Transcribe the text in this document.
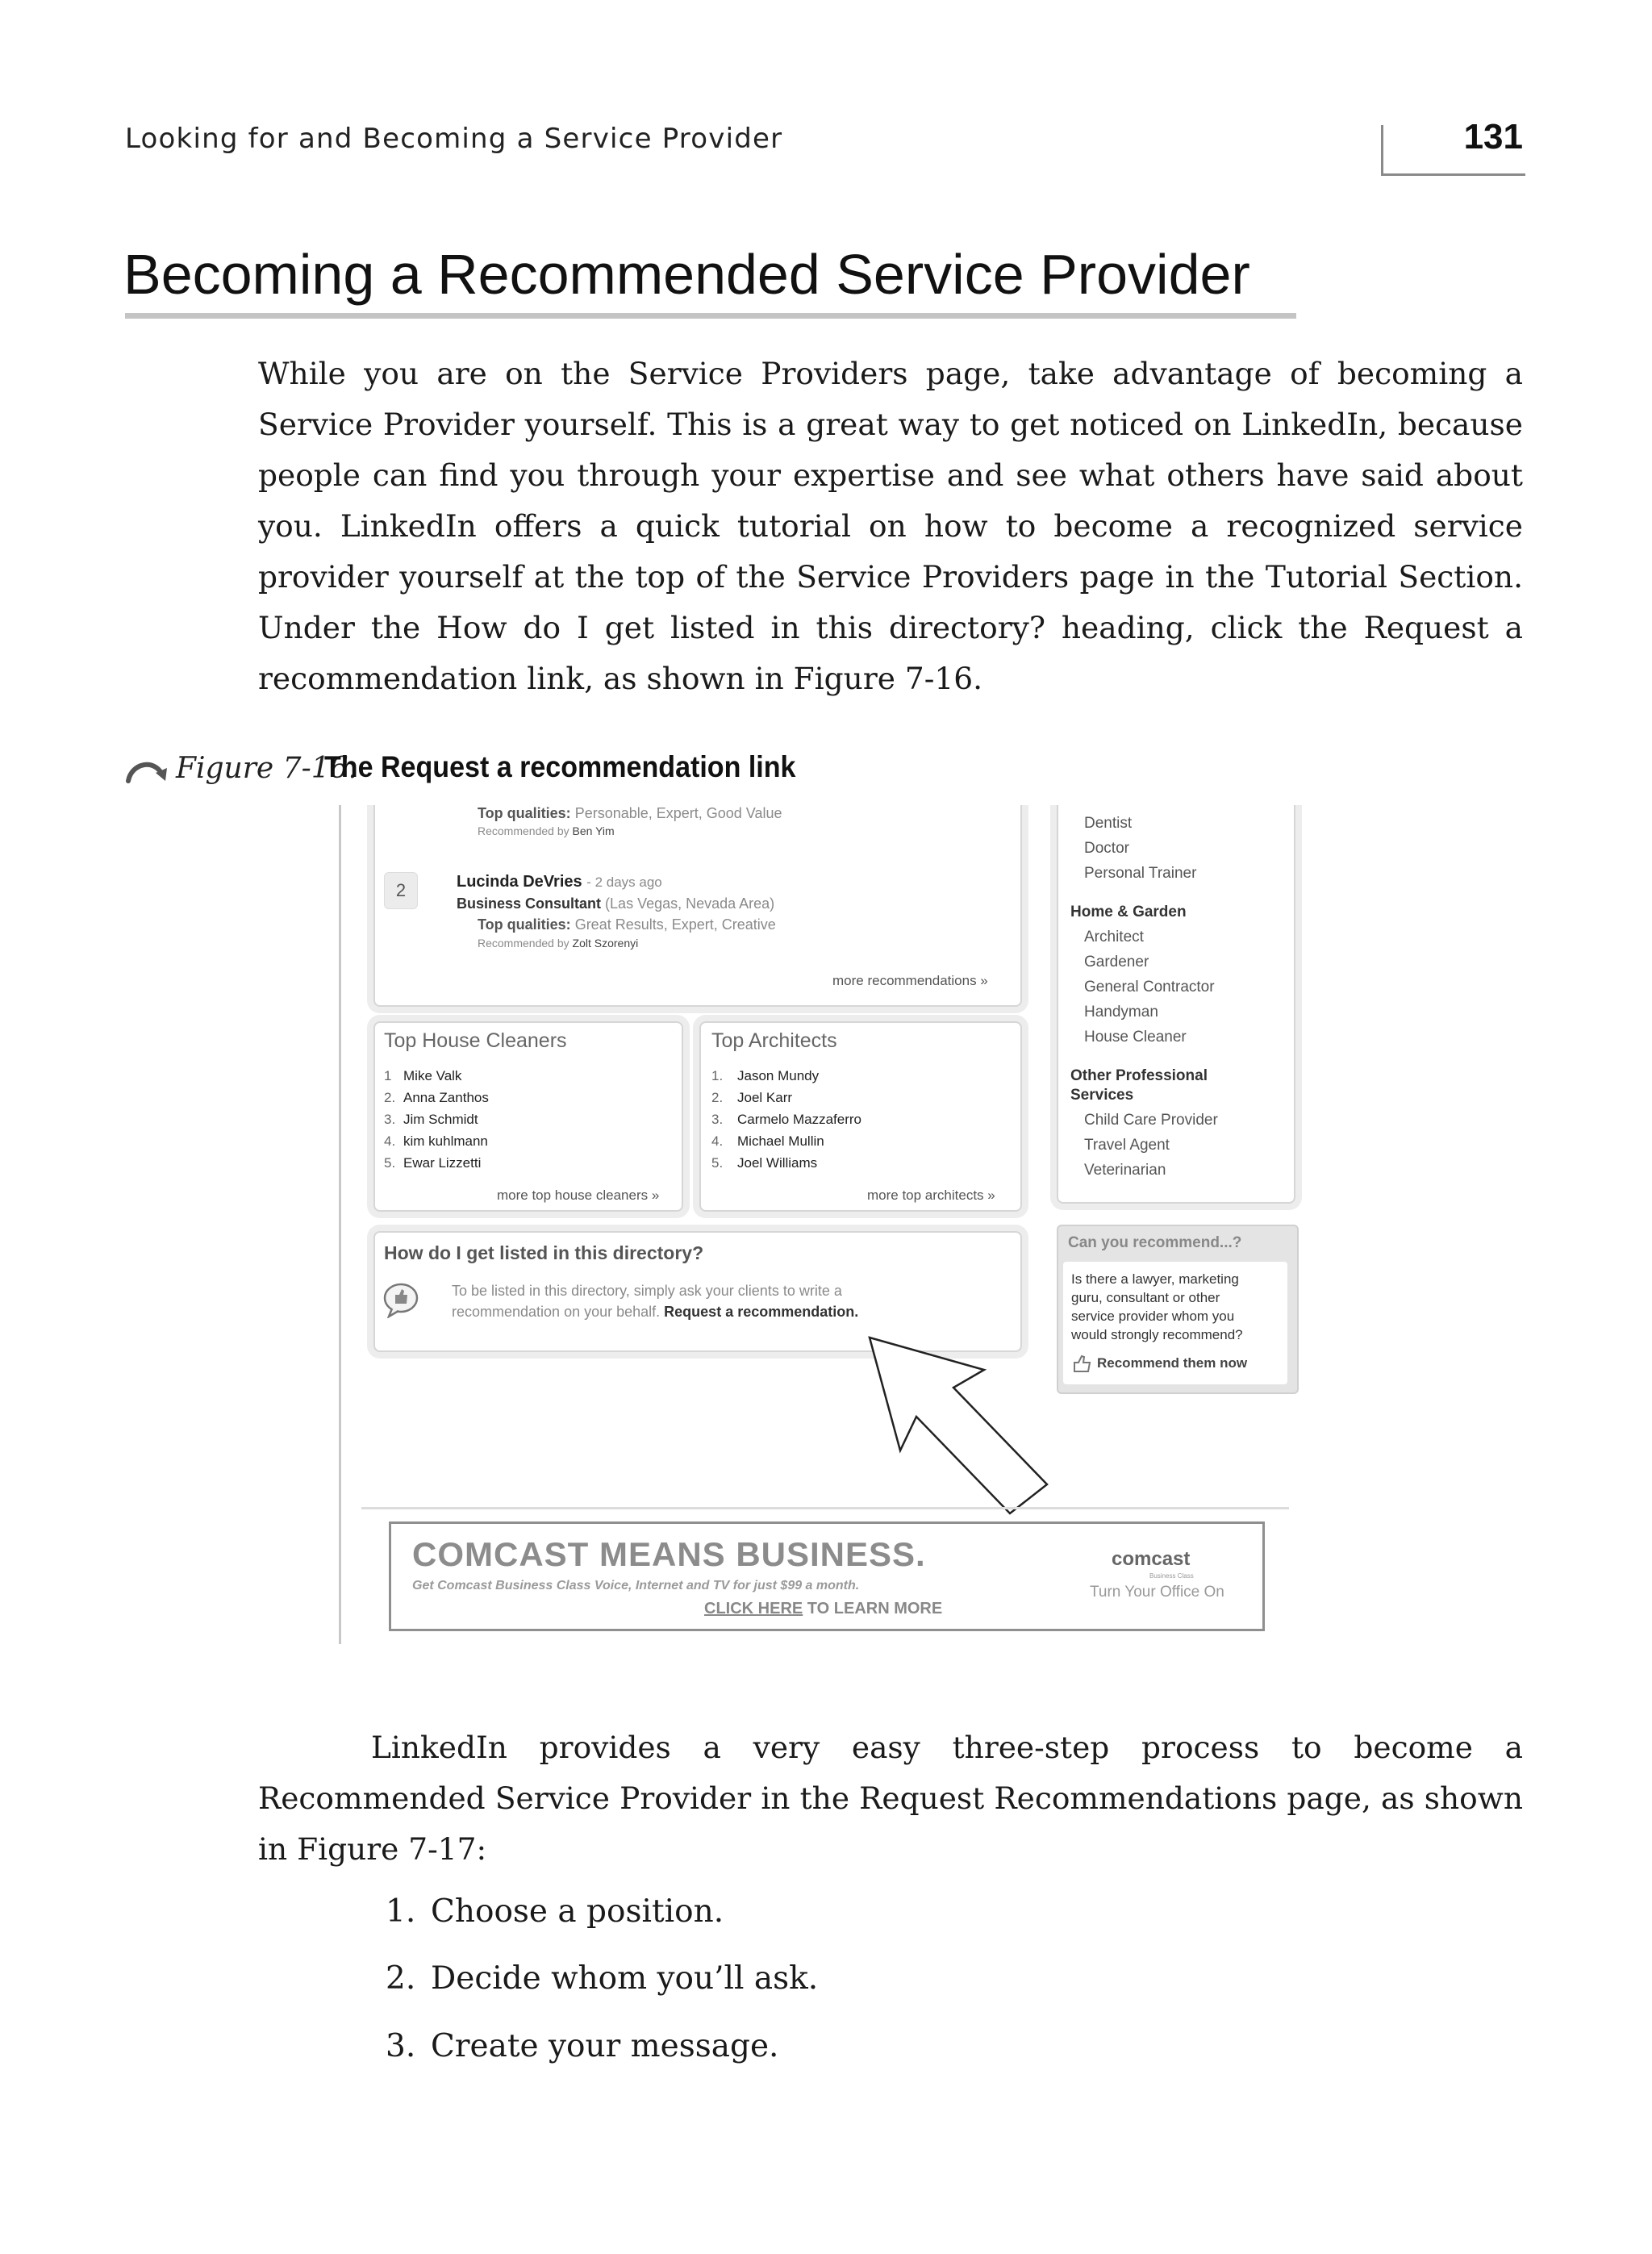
Looking for and Becoming a Service Provider	131
Becoming a Recommended Service Provider
While you are on the Service Providers page, take advantage of becoming a Service Provider yourself. This is a great way to get noticed on LinkedIn, because people can find you through your expertise and see what others have said about you. LinkedIn offers a quick tutorial on how to become a recognized service provider yourself at the top of the Service Providers page in the Tutorial Section. Under the How do I get listed in this directory? heading, click the Request a recommendation link, as shown in Figure 7-16.
Figure 7-16.
The Request a recommendation link
Top qualities: Personable, Expert, Good Value
Recommended by Ben Yim
2	Lucinda DeVries - 2 days ago
Business Consultant (Las Vegas, Nevada Area)
Top qualities: Great Results, Expert, Creative
Recommended by Zolt Szorenyi
more recommendations »
Top House Cleaners
1 Mike Valk
2. Anna Zanthos
3. Jim Schmidt
4. kim kuhlmann
5. Ewar Lizzetti
more top house cleaners »
Top Architects
1. Jason Mundy
2. Joel Karr
3. Carmelo Mazzaferro
4. Michael Mullin
5. Joel Williams
more top architects »
How do I get listed in this directory?
To be listed in this directory, simply ask your clients to write a
recommendation on your behalf. Request a recommendation.
Dentist
Doctor
Personal Trainer
Home & Garden
Architect
Gardener
General Contractor
Handyman
House Cleaner
Other Professional
Services
Child Care Provider
Travel Agent
Veterinarian
Can you recommend...?
Is there a lawyer, marketing
guru, consultant or other
service provider whom you
would strongly recommend?
Recommend them now
COMCAST MEANS BUSINESS.
Get Comcast Business Class Voice, Internet and TV for just $99 a month.
CLICK HERE TO LEARN MORE
comcast
Business Class
Turn Your Office On
LinkedIn provides a very easy three-step process to become a Recommended Service Provider in the Request Recommendations page, as shown in Figure 7-17:
1. Choose a position.
2. Decide whom you’ll ask.
3. Create your message.
